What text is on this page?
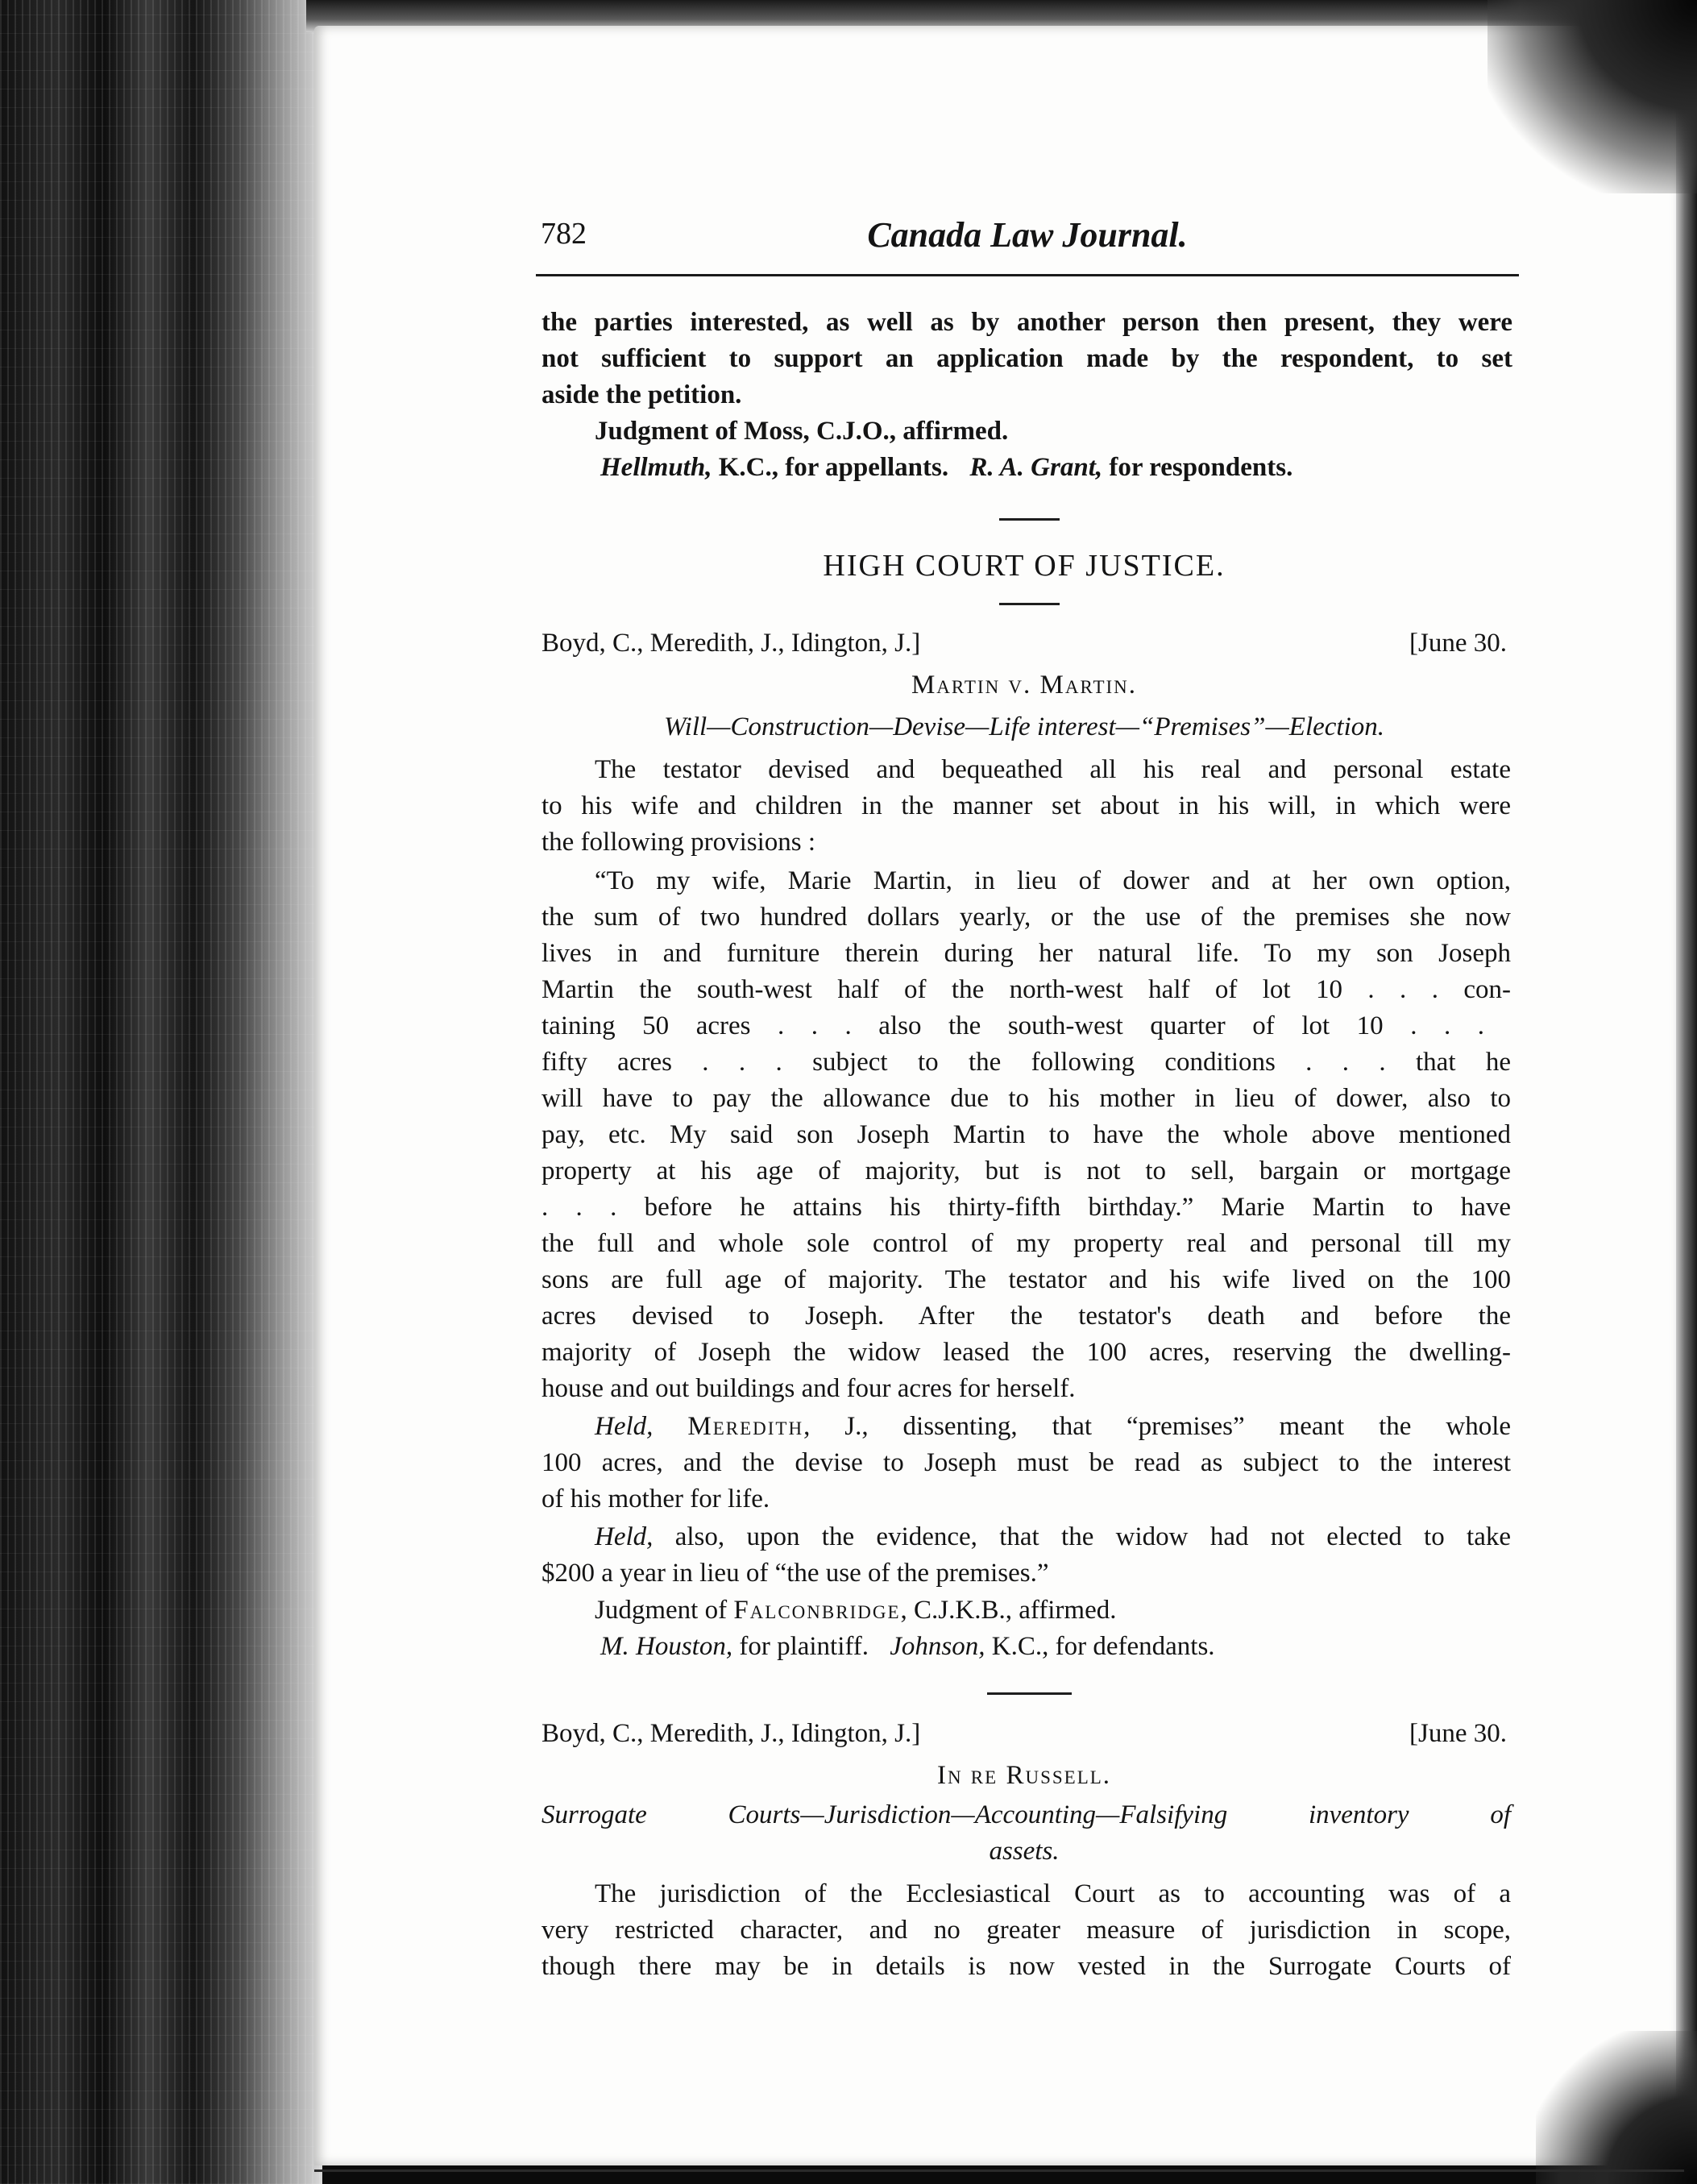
782	Canada Law Journal.
the parties interested, as well as by another person then present, they were
not sufficient to support an application made by the respondent, to set
aside the petition.
Judgment of Moss, C.J.O., affirmed.
Hellmuth, K.C., for appellants. R. A. Grant, for respondents.
HIGH COURT OF JUSTICE.
Boyd, C., Meredith, J., Idington, J.]	[June 30.
Martin v. Martin.
Will—Construction—Devise—Life interest—“Premises”—Election.
The testator devised and bequeathed all his real and personal estate
to his wife and children in the manner set about in his will, in which were
the following provisions :
“To my wife, Marie Martin, in lieu of dower and at her own option,
the sum of two hundred dollars yearly, or the use of the premises she now
lives in and furniture therein during her natural life. To my son Joseph
Martin the south-west half of the north-west half of lot 10 . . . con-
taining 50 acres . . . also the south-west quarter of lot 10 . . .
fifty acres . . . subject to the following conditions . . . that he
will have to pay the allowance due to his mother in lieu of dower, also to
pay, etc. My said son Joseph Martin to have the whole above mentioned
property at his age of majority, but is not to sell, bargain or mortgage
. . . before he attains his thirty-fifth birthday.” Marie Martin to have
the full and whole sole control of my property real and personal till my
sons are full age of majority. The testator and his wife lived on the 100
acres devised to Joseph. After the testator's death and before the
majority of Joseph the widow leased the 100 acres, reserving the dwelling-
house and out buildings and four acres for herself.
Held, Meredith, J., dissenting, that “premises” meant the whole
100 acres, and the devise to Joseph must be read as subject to the interest
of his mother for life.
Held, also, upon the evidence, that the widow had not elected to take
$200 a year in lieu of “the use of the premises.”
Judgment of Falconbridge, C.J.K.B., affirmed.
M. Houston, for plaintiff. Johnson, K.C., for defendants.
Boyd, C., Meredith, J., Idington, J.]	[June 30.
In re Russell.
Surrogate Courts—Jurisdiction—Accounting—Falsifying inventory of
assets.
The jurisdiction of the Ecclesiastical Court as to accounting was of a
very restricted character, and no greater measure of jurisdiction in scope,
though there may be in details is now vested in the Surrogate Courts of
